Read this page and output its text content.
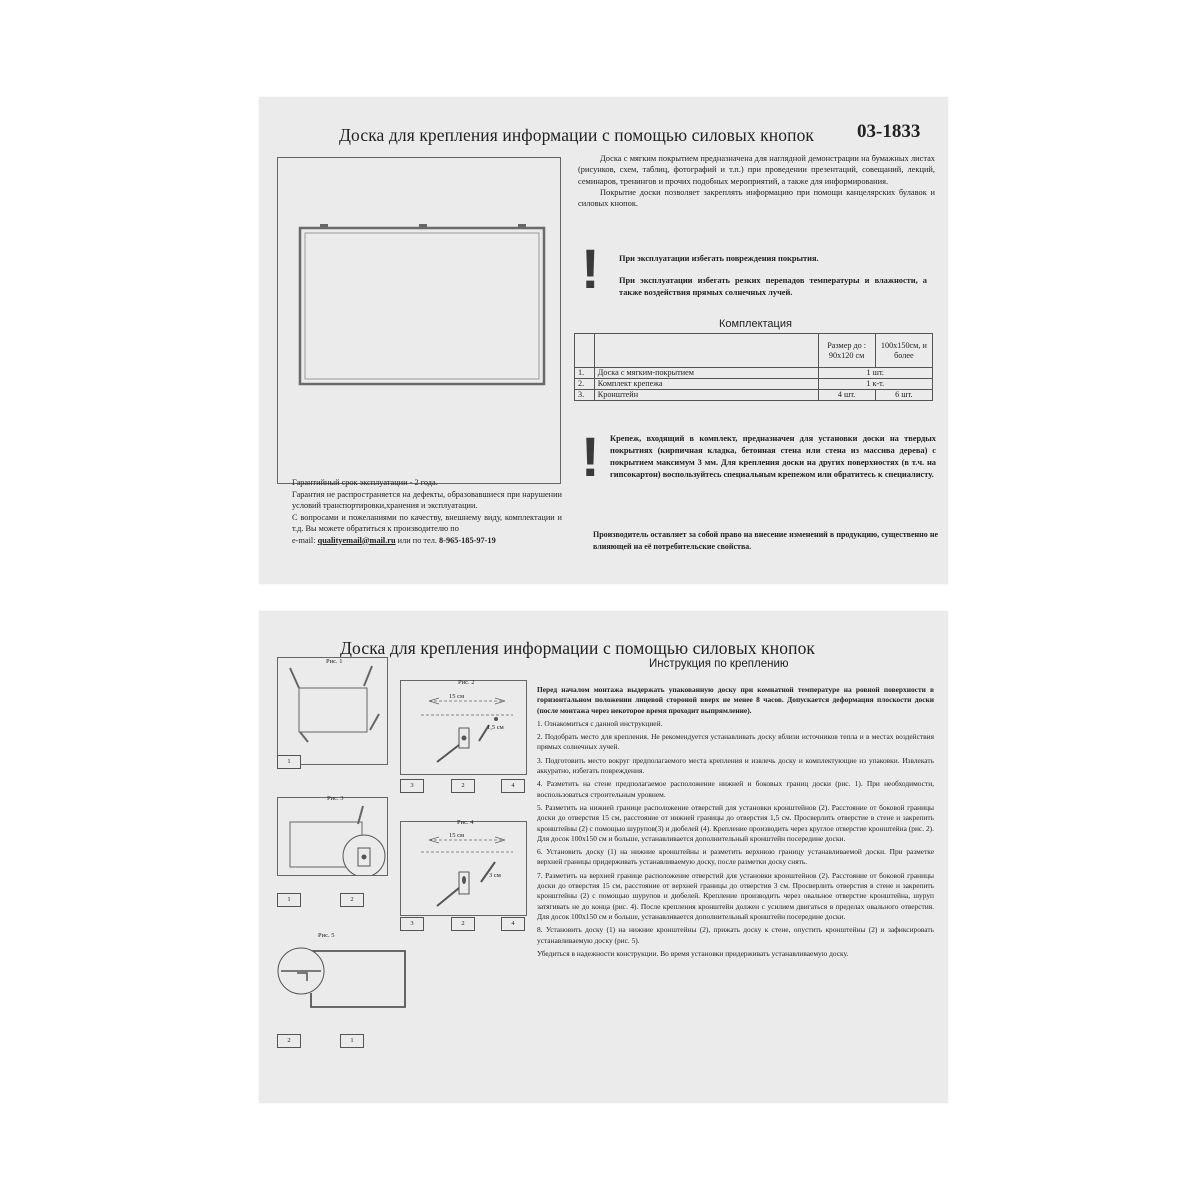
Доска для крепления информации с помощью силовых кнопок 03-1833

Доска с мягким покрытием предназначена для наглядной демонстрации на бумажных листах (рисунков, схем, таблиц, фотографий и т.п.) при проведении презентаций, совещаний, лекций, семинаров, тренингов и прочих подобных мероприятий, а также для информирования.

Покрытие доски позволяет закреплять информацию при помощи канцелярских булавок и силовых кнопок.

! При эксплуатации избегать повреждения покрытия.

При эксплуатации избегать резких перепадов температуры и влажности, а также воздействия прямых солнечных лучей.

Комплектация
		Размер до : 90х120 см	100х150см, и более
1.	Доска с мягким-покрытием	1 шт.	
2.	Комплект крепежа	1 к-т.	
3.	Кронштейн	4 шт.	6 шт.
! Крепеж, входящий в комплект, предназначен для установки доски на твердых покрытиях (кирпичная кладка, бетонная стена или стена из массива дерева) с покрытием максимум 3 мм. Для крепления доски на других поверхностях (в т.ч. на гипсокартон) воспользуйтесь специальным крепежом или обратитесь к специалисту.

Производитель оставляет за собой право на внесение изменений в продукцию, существенно не влияющей на её потребительские свойства.

Гарантийный срок эксплуатации - 2 года.

Гарантия не распространяется на дефекты, образовавшиеся при нарушении условий транспортировки,хранения и эксплуатации.

С вопросами и пожеланиями по качеству, внешнему виду, комплектации и т.д. Вы можете обратиться к производителю по

e-mail: qualityemail@mail.ru или по тел. 8-965-185-97-19

Доска для крепления информации с помощью силовых кнопок
Инструкция по креплению
Рис. 1
1
Рис. 2
15 см
1,5 см
3	2	4
Рис. 3
1	2
Рис. 4
15 см
3 см
3	2	4
Рис. 5
2	1

Перед началом монтажа выдержать упакованную доску при комнатной температуре на ровной поверхности в горизонтальном положении лицевой стороной вверх не менее 8 часов. Допускается деформация плоскости доски (после монтажа через некоторое время проходит выпрямление).

1. Ознакомиться с данной инструкцией.

2. Подобрать место для крепления. Не рекомендуется устанавливать доску вблизи источников тепла и в местах воздействия прямых солнечных лучей.

3. Подготовить место вокруг предполагаемого места крепления и извлечь доску и комплектующие из упаковки. Извлекать аккуратно, избегать повреждения.

4. Разметить на стене предполагаемое расположение нижней и боковых границ доски (рис. 1). При необходимости, воспользоваться строительным уровнем.

5. Разметить на нижней границе расположение отверстий для установки кронштейнов (2). Расстояние от боковой границы доски до отверстия 15 см, расстояние от нижней границы до отверстия 1,5 см. Просверлить отверстие в стене и закрепить кронштейны (2) с помощью шурупов(3) и дюбелей (4). Крепление производить через круглое отверстие кронштейна (рис. 2). Для досок 100х150 см и больше, устанавливается дополнительный кронштейн посередине доски.

6. Установить доску (1) на нижние кронштейны и разметить верхнюю границу устанавливаемой доски. При разметке верхней границы придерживать устанавливаемую доску, после разметки доску снять.

7. Разметить на верхней границе расположение отверстий для установки кронштейнов (2). Расстояние от боковой границы доски до отверстия 15 см, расстояние от верхней границы до отверстия 3 см. Просверлить отверстия в стене и закрепить кронштейны (2) с помощью шурупов и дюбелей. Крепление производить через овальное отверстие кронштейна, шуруп затягивать не до конца (рис. 4). После крепления кронштейн должен с усилием двигаться в пределах овального отверстия. Для досок 100х150 см и больше, устанавливается дополнительный кронштейн посередине доски.

8. Установить доску (1) на нижние кронштейны (2), прижать доску к стене, опустить кронштейны (2) и зафиксировать устанавливаемую доску (рис. 5).

Убедиться в надежности конструкции. Во время установки придерживать устанавливаемую доску.
